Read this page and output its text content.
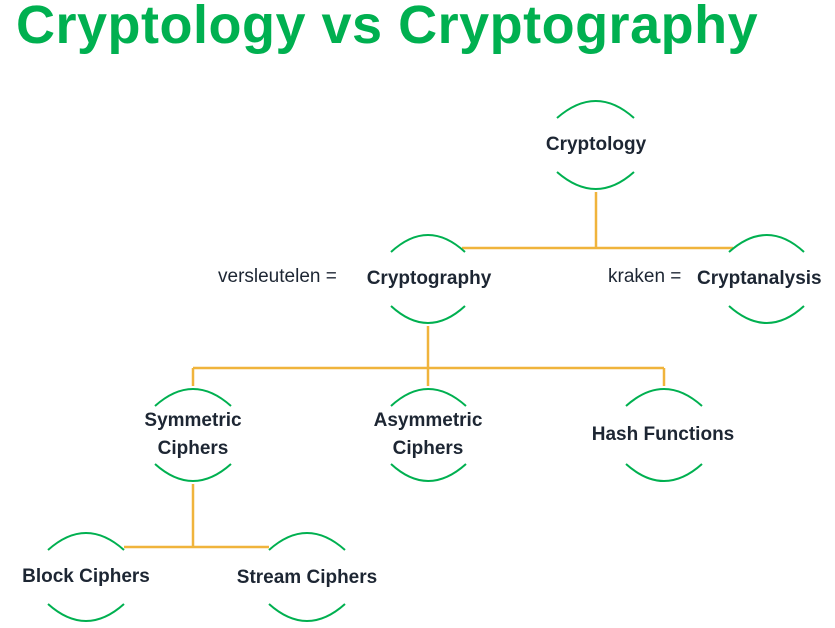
Cryptology vs Cryptography
Cryptology
versleutelen =	Cryptography	kraken = Cryptanalysis
Symmetric
Ciphers
Asymmetric
Ciphers
Hash Functions
Block Ciphers	Stream Ciphers
